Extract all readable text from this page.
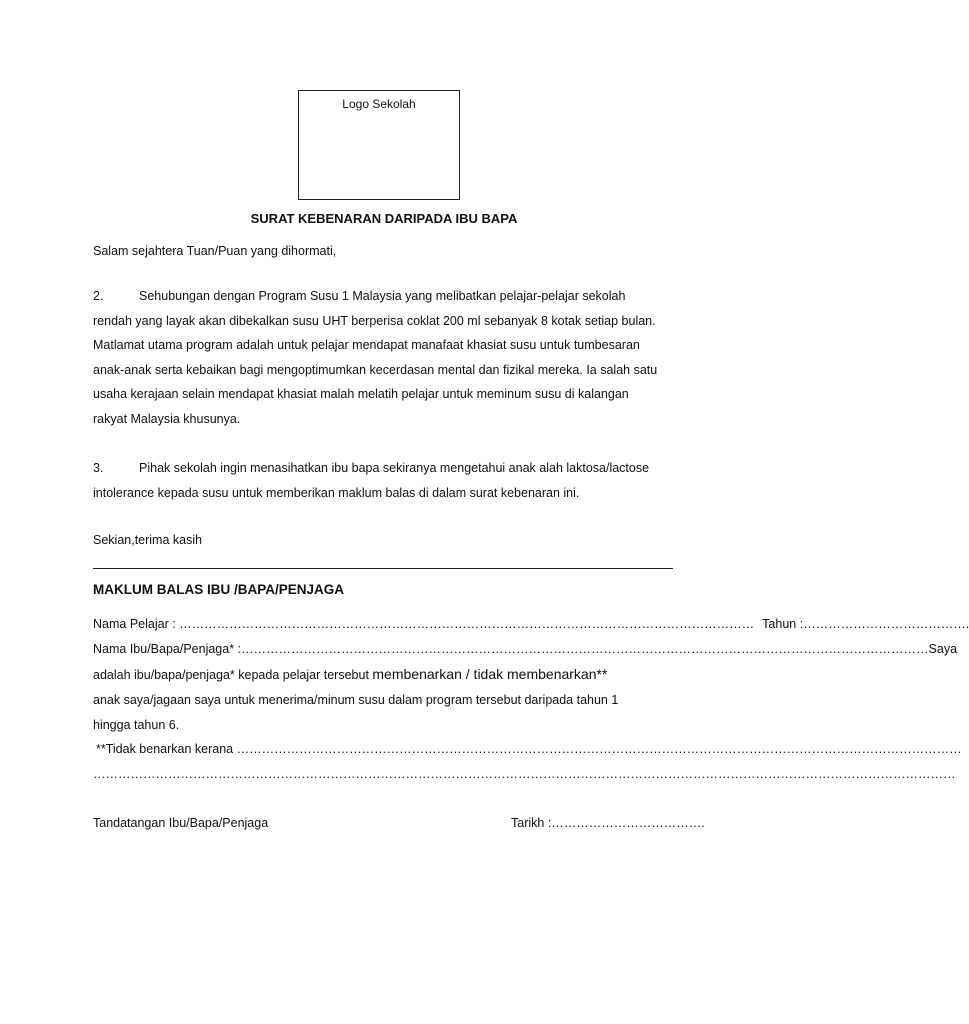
Logo Sekolah
SURAT KEBENARAN DARIPADA IBU BAPA
Salam sejahtera Tuan/Puan yang dihormati,
2.	Sehubungan dengan Program Susu 1 Malaysia yang melibatkan pelajar-pelajar sekolah
rendah yang layak akan dibekalkan susu UHT berperisa coklat 200 ml sebanyak 8 kotak setiap bulan.
Matlamat utama program adalah untuk pelajar mendapat manafaat khasiat susu untuk tumbesaran
anak-anak serta kebaikan bagi mengoptimumkan kecerdasan mental dan fizikal mereka. Ia salah satu
usaha kerajaan selain mendapat khasiat malah melatih pelajar untuk meminum susu di kalangan
rakyat Malaysia khusunya.
3.	Pihak sekolah ingin menasihatkan ibu bapa sekiranya mengetahui anak alah laktosa/lactose
intolerance kepada susu untuk memberikan maklum balas di dalam surat kebenaran ini.
Sekian,terima kasih
MAKLUM BALAS IBU /BAPA/PENJAGA
Nama Pelajar : ………………………………………………………………………………………………………………………… Tahun : ………………………………….
Nama Ibu/Bapa/Penjaga* : ………………………………………………………………………………………………………………………………………………… Saya
adalah ibu/bapa/penjaga* kepada pelajar tersebut membenarkan / tidak membenarkan**
anak saya/jagaan saya untuk menerima/minum susu dalam program tersebut daripada tahun 1
hingga tahun 6.
**Tidak benarkan kerana …………………………………………………………………………………………………………………………………………………………
………………………………………………………………………………………………………………………………………………………………………………………
Tandatangan Ibu/Bapa/Penjaga	Tarikh : ……………………………….
